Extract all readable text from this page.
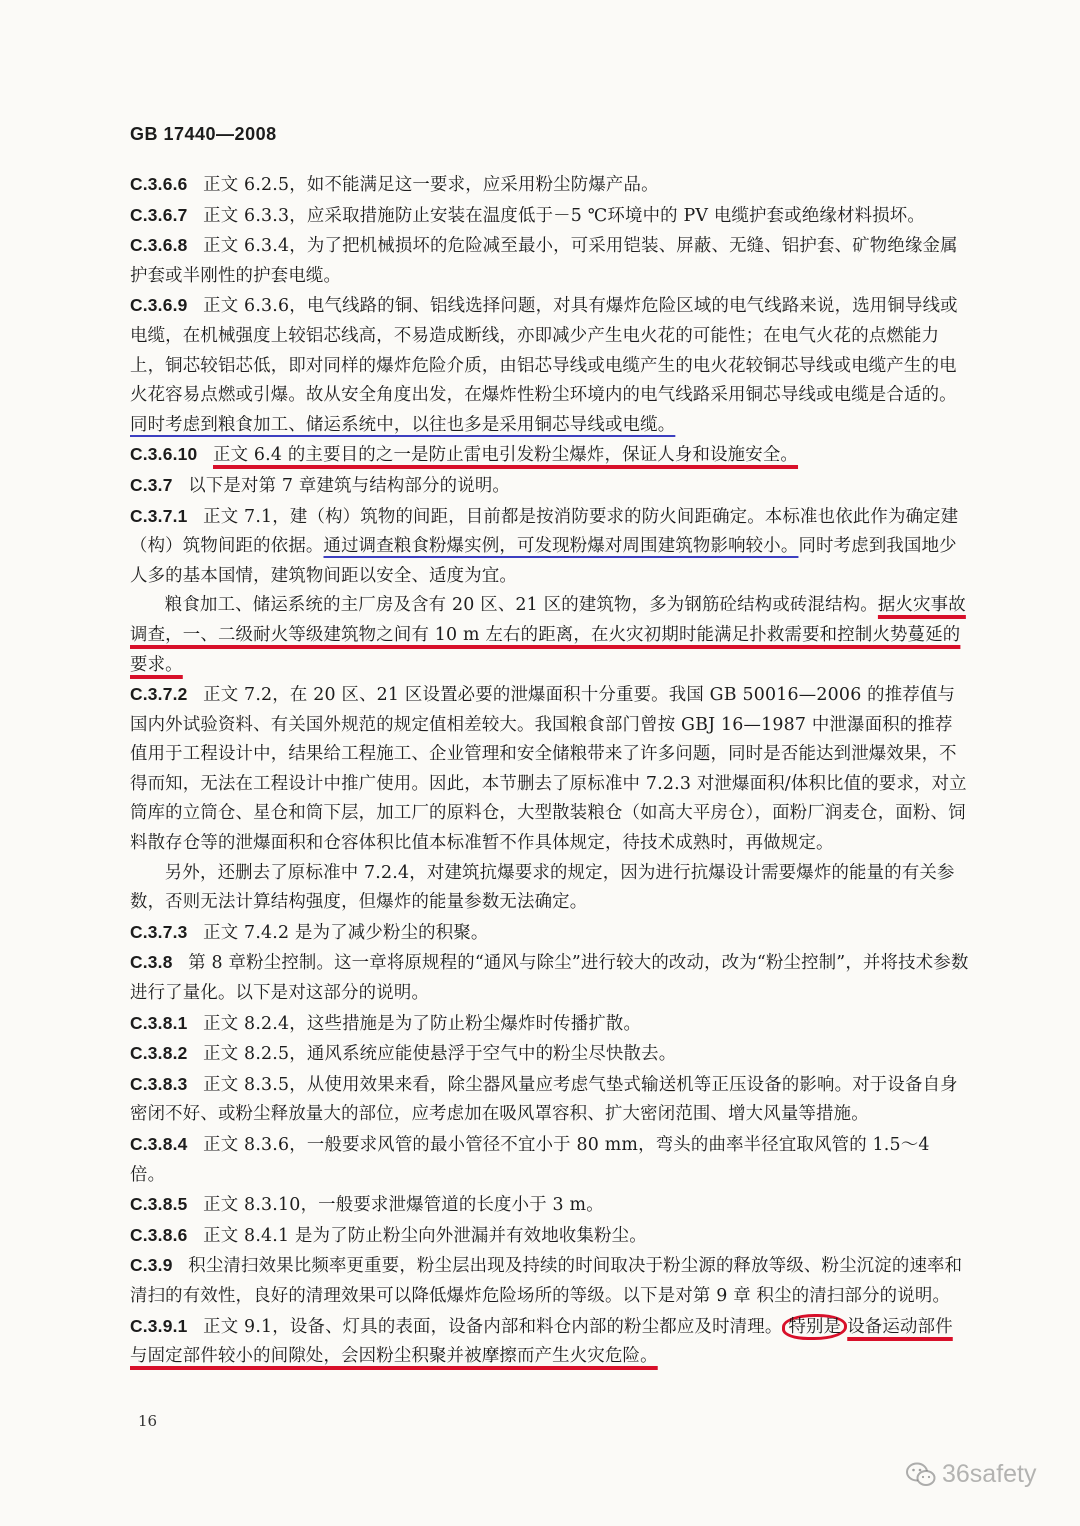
GB 17440—2008

C.3.6.6 正文 6.2.5，如不能满足这一要求，应采用粉尘防爆产品。

C.3.6.7 正文 6.3.3，应采取措施防止安装在温度低于－5 ℃环境中的 PV 电缆护套或绝缘材料损坏。

C.3.6.8 正文 6.3.4，为了把机械损坏的危险减至最小，可采用铠装、屏蔽、无缝、铝护套、矿物绝缘金属护套或半刚性的护套电缆。

C.3.6.9 正文 6.3.6，电气线路的铜、铝线选择问题，对具有爆炸危险区域的电气线路来说，选用铜导线或电缆，在机械强度上较铝芯线高，不易造成断线，亦即减少产生电火花的可能性；在电气火花的点燃能力上，铜芯较铝芯低，即对同样的爆炸危险介质，由铝芯导线或电缆产生的电火花较铜芯导线或电缆产生的电火花容易点燃或引爆。故从安全角度出发，在爆炸性粉尘环境内的电气线路采用铜芯导线或电缆是合适的。同时考虑到粮食加工、储运系统中，以往也多是采用铜芯导线或电缆。

C.3.6.10 正文 6.4 的主要目的之一是防止雷电引发粉尘爆炸，保证人身和设施安全。

C.3.7 以下是对第 7 章建筑与结构部分的说明。

C.3.7.1 正文 7.1，建（构）筑物的间距，目前都是按消防要求的防火间距确定。本标准也依此作为确定建（构）筑物间距的依据。通过调查粮食粉爆实例，可发现粉爆对周围建筑物影响较小。同时考虑到我国地少人多的基本国情，建筑物间距以安全、适度为宜。

粮食加工、储运系统的主厂房及含有 20 区、21 区的建筑物，多为钢筋砼结构或砖混结构。据火灾事故调查，一、二级耐火等级建筑物之间有 10 m 左右的距离，在火灾初期时能满足扑救需要和控制火势蔓延的要求。

C.3.7.2 正文 7.2，在 20 区、21 区设置必要的泄爆面积十分重要。我国 GB 50016—2006 的推荐值与国内外试验资料、有关国外规范的规定值相差较大。我国粮食部门曾按 GBJ 16—1987 中泄瀑面积的推荐值用于工程设计中，结果给工程施工、企业管理和安全储粮带来了许多问题，同时是否能达到泄爆效果，不得而知，无法在工程设计中推广使用。因此，本节删去了原标准中 7.2.3 对泄爆面积/体积比值的要求，对立筒库的立筒仓、星仓和筒下层，加工厂的原料仓，大型散装粮仓（如高大平房仓），面粉厂润麦仓，面粉、饲料散存仓等的泄爆面积和仓容体积比值本标准暂不作具体规定，待技术成熟时，再做规定。

另外，还删去了原标准中 7.2.4，对建筑抗爆要求的规定，因为进行抗爆设计需要爆炸的能量的有关参数，否则无法计算结构强度，但爆炸的能量参数无法确定。

C.3.7.3 正文 7.4.2 是为了减少粉尘的积聚。

C.3.8 第 8 章粉尘控制。这一章将原规程的“通风与除尘”进行较大的改动，改为“粉尘控制”，并将技术参数进行了量化。以下是对这部分的说明。

C.3.8.1 正文 8.2.4，这些措施是为了防止粉尘爆炸时传播扩散。

C.3.8.2 正文 8.2.5，通风系统应能使悬浮于空气中的粉尘尽快散去。

C.3.8.3 正文 8.3.5，从使用效果来看，除尘器风量应考虑气垫式输送机等正压设备的影响。对于设备自身密闭不好、或粉尘释放量大的部位，应考虑加在吸风罩容积、扩大密闭范围、增大风量等措施。

C.3.8.4 正文 8.3.6，一般要求风管的最小管径不宜小于 80 mm，弯头的曲率半径宜取风管的 1.5～4 倍。

C.3.8.5 正文 8.3.10，一般要求泄爆管道的长度小于 3 m。

C.3.8.6 正文 8.4.1 是为了防止粉尘向外泄漏并有效地收集粉尘。

C.3.9 积尘清扫效果比频率更重要，粉尘层出现及持续的时间取决于粉尘源的释放等级、粉尘沉淀的速率和清扫的有效性，良好的清理效果可以降低爆炸危险场所的等级。以下是对第 9 章 积尘的清扫部分的说明。

C.3.9.1 正文 9.1，设备、灯具的表面，设备内部和料仓内部的粉尘都应及时清理。 特别是 设备运动部件与固定部件较小的间隙处，会因粉尘积聚并被摩擦而产生火灾危险。

16
36safety
